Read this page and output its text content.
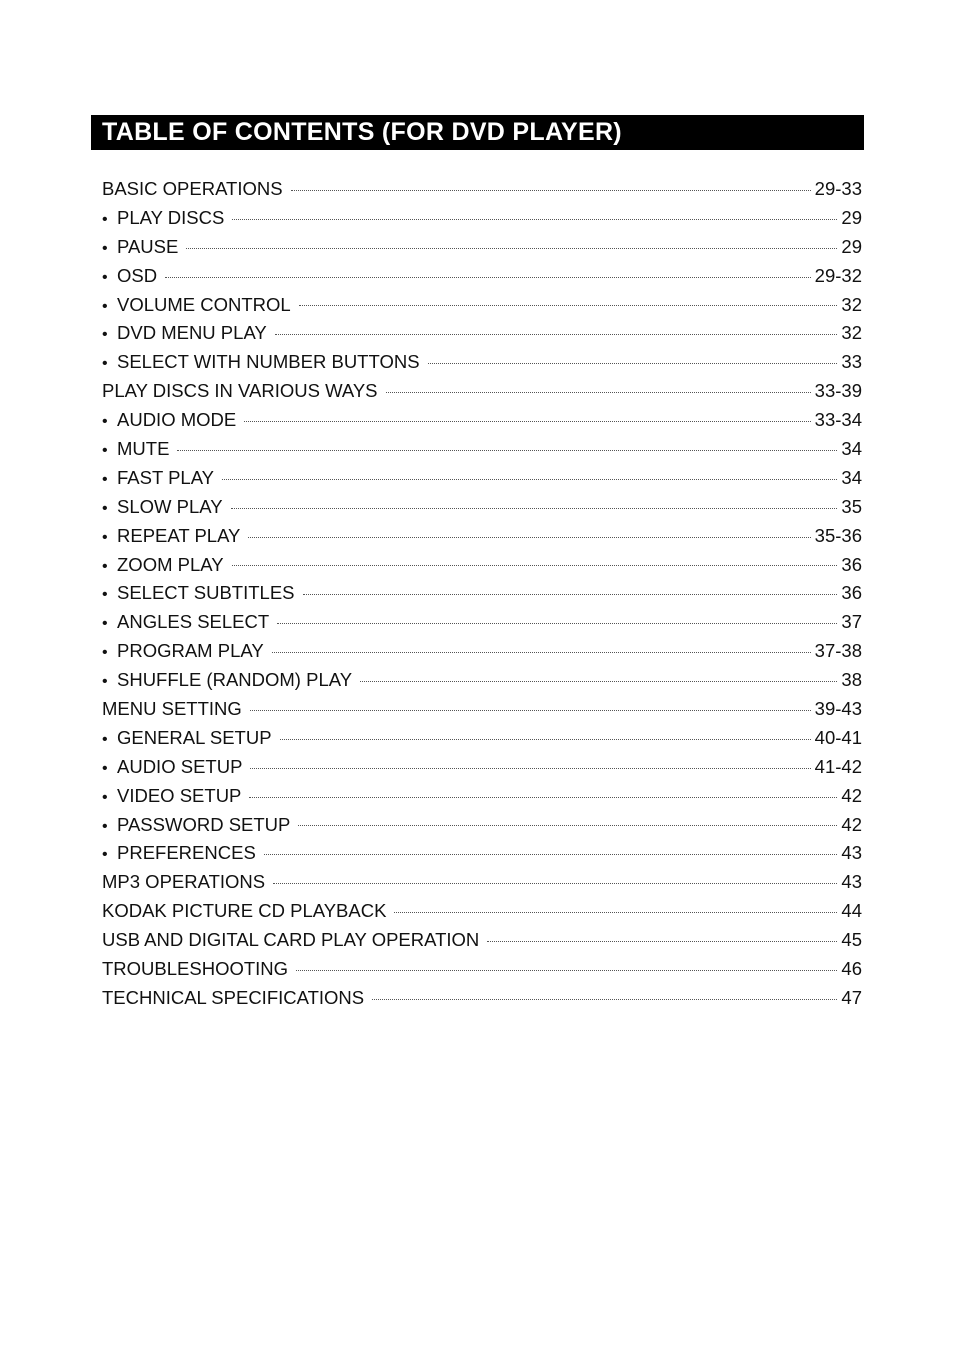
TABLE OF CONTENTS (FOR DVD PLAYER)
BASIC OPERATIONS	29-33
• PLAY DISCS	29
• PAUSE	29
• OSD	29-32
• VOLUME CONTROL	32
• DVD MENU PLAY	32
• SELECT WITH NUMBER BUTTONS	33
PLAY DISCS IN VARIOUS WAYS	33-39
• AUDIO MODE	33-34
• MUTE	34
• FAST PLAY	34
• SLOW PLAY	35
• REPEAT PLAY	35-36
• ZOOM PLAY	36
• SELECT SUBTITLES	36
• ANGLES SELECT	37
• PROGRAM PLAY	37-38
• SHUFFLE (RANDOM) PLAY	38
MENU SETTING	39-43
• GENERAL SETUP	40-41
• AUDIO SETUP	41-42
• VIDEO SETUP	42
• PASSWORD SETUP	42
• PREFERENCES	43
MP3 OPERATIONS	43
KODAK PICTURE CD PLAYBACK	44
USB AND DIGITAL CARD PLAY OPERATION	45
TROUBLESHOOTING	46
TECHNICAL SPECIFICATIONS	47
